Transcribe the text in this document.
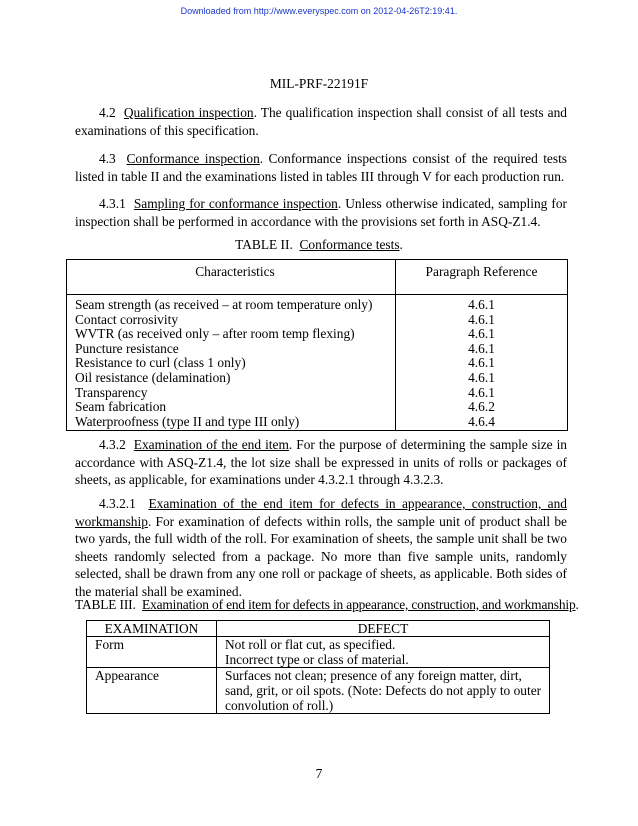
Downloaded from http://www.everyspec.com on 2012-04-26T2:19:41.
MIL-PRF-22191F
4.2 Qualification inspection. The qualification inspection shall consist of all tests and examinations of this specification.
4.3 Conformance inspection. Conformance inspections consist of the required tests listed in table II and the examinations listed in tables III through V for each production run.
4.3.1 Sampling for conformance inspection. Unless otherwise indicated, sampling for inspection shall be performed in accordance with the provisions set forth in ASQ-Z1.4.
TABLE II. Conformance tests.
Characteristics	Paragraph Reference
Seam strength (as received – at room temperature only)	4.6.1
Contact corrosivity	4.6.1
WVTR (as received only – after room temp flexing)	4.6.1
Puncture resistance	4.6.1
Resistance to curl (class 1 only)	4.6.1
Oil resistance (delamination)	4.6.1
Transparency	4.6.1
Seam fabrication	4.6.2
Waterproofness (type II and type III only)	4.6.4
4.3.2 Examination of the end item. For the purpose of determining the sample size in accordance with ASQ-Z1.4, the lot size shall be expressed in units of rolls or packages of sheets, as applicable, for examinations under 4.3.2.1 through 4.3.2.3.
4.3.2.1 Examination of the end item for defects in appearance, construction, and workmanship. For examination of defects within rolls, the sample unit of product shall be two yards, the full width of the roll. For examination of sheets, the sample unit shall be two sheets randomly selected from a package. No more than five sample units, randomly selected, shall be drawn from any one roll or package of sheets, as applicable. Both sides of the material shall be examined.
TABLE III. Examination of end item for defects in appearance, construction, and workmanship.
EXAMINATION	DEFECT
Form	Not roll or flat cut, as specified.
Incorrect type or class of material.

Appearance	Surfaces not clean; presence of any foreign matter, dirt, sand, grit, or oil spots. (Note: Defects do not apply to outer convolution of roll.)
7
